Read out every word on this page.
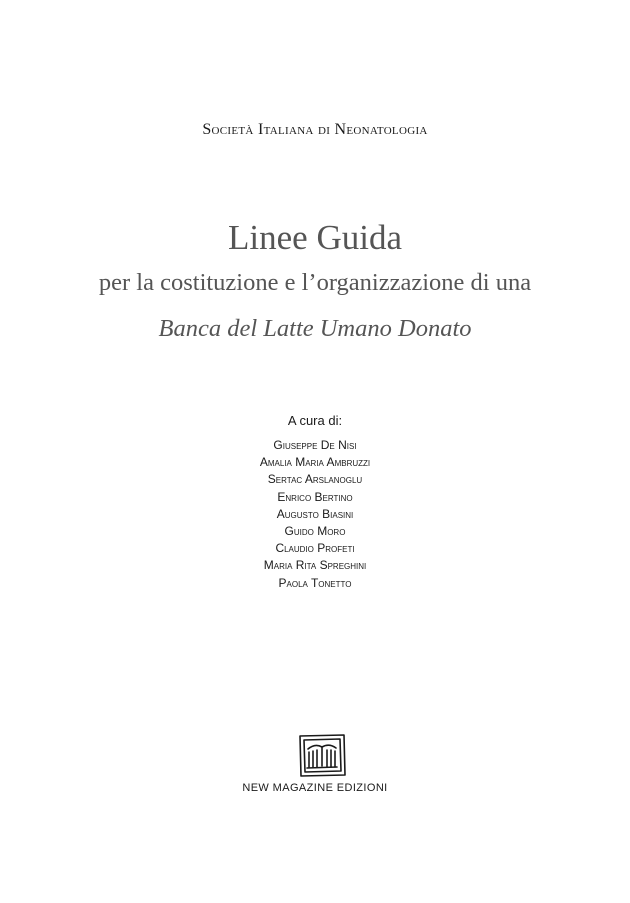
Società Italiana di Neonatologia
Linee Guida
per la costituzione e l’organizzazione di una
Banca del Latte Umano Donato
A cura di:
Giuseppe De Nisi
Amalia Maria Ambruzzi
Sertac Arslanoglu
Enrico Bertino
Augusto Biasini
Guido Moro
Claudio Profeti
Maria Rita Spreghini
Paola Tonetto
NEW MAGAZINE EDIZIONI
